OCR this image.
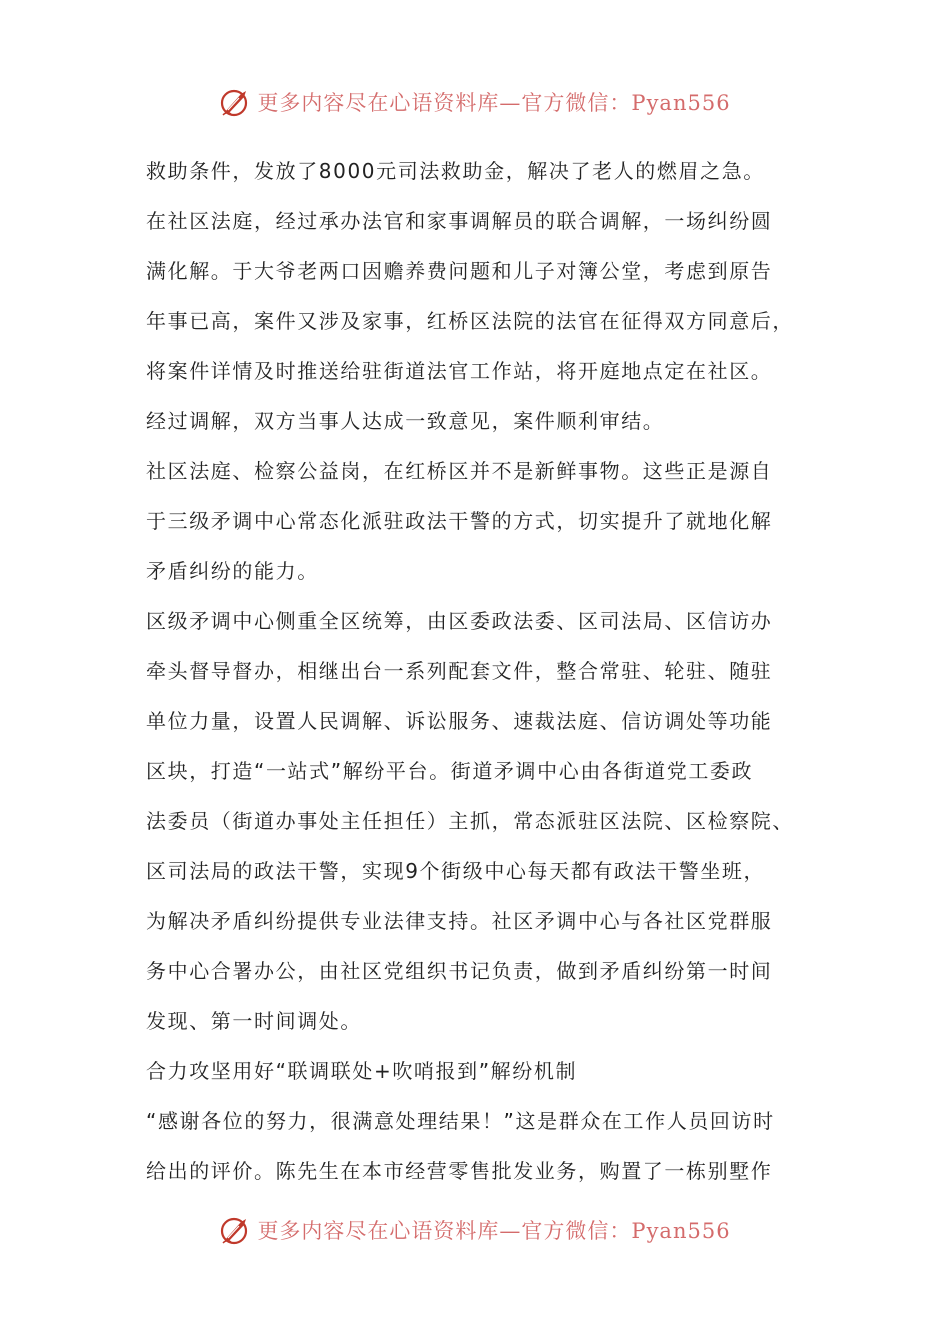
更多内容尽在心语资料库—官方微信：Pyan556
救助条件，发放了8000元司法救助金，解决了老人的燃眉之急。
在社区法庭，经过承办法官和家事调解员的联合调解，一场纠纷圆
满化解。于大爷老两口因赡养费问题和儿子对簿公堂，考虑到原告
年事已高，案件又涉及家事，红桥区法院的法官在征得双方同意后，
将案件详情及时推送给驻街道法官工作站，将开庭地点定在社区。
经过调解，双方当事人达成一致意见，案件顺利审结。
社区法庭、检察公益岗，在红桥区并不是新鲜事物。这些正是源自
于三级矛调中心常态化派驻政法干警的方式，切实提升了就地化解
矛盾纠纷的能力。
区级矛调中心侧重全区统筹，由区委政法委、区司法局、区信访办
牵头督导督办，相继出台一系列配套文件，整合常驻、轮驻、随驻
单位力量，设置人民调解、诉讼服务、速裁法庭、信访调处等功能
区块，打造“一站式”解纷平台。街道矛调中心由各街道党工委政
法委员（街道办事处主任担任）主抓，常态派驻区法院、区检察院、
区司法局的政法干警，实现9个街级中心每天都有政法干警坐班，
为解决矛盾纠纷提供专业法律支持。社区矛调中心与各社区党群服
务中心合署办公，由社区党组织书记负责，做到矛盾纠纷第一时间
发现、第一时间调处。
合力攻坚用好“联调联处+吹哨报到”解纷机制
“感谢各位的努力，很满意处理结果！”这是群众在工作人员回访时
给出的评价。陈先生在本市经营零售批发业务，购置了一栋别墅作
更多内容尽在心语资料库—官方微信：Pyan556
